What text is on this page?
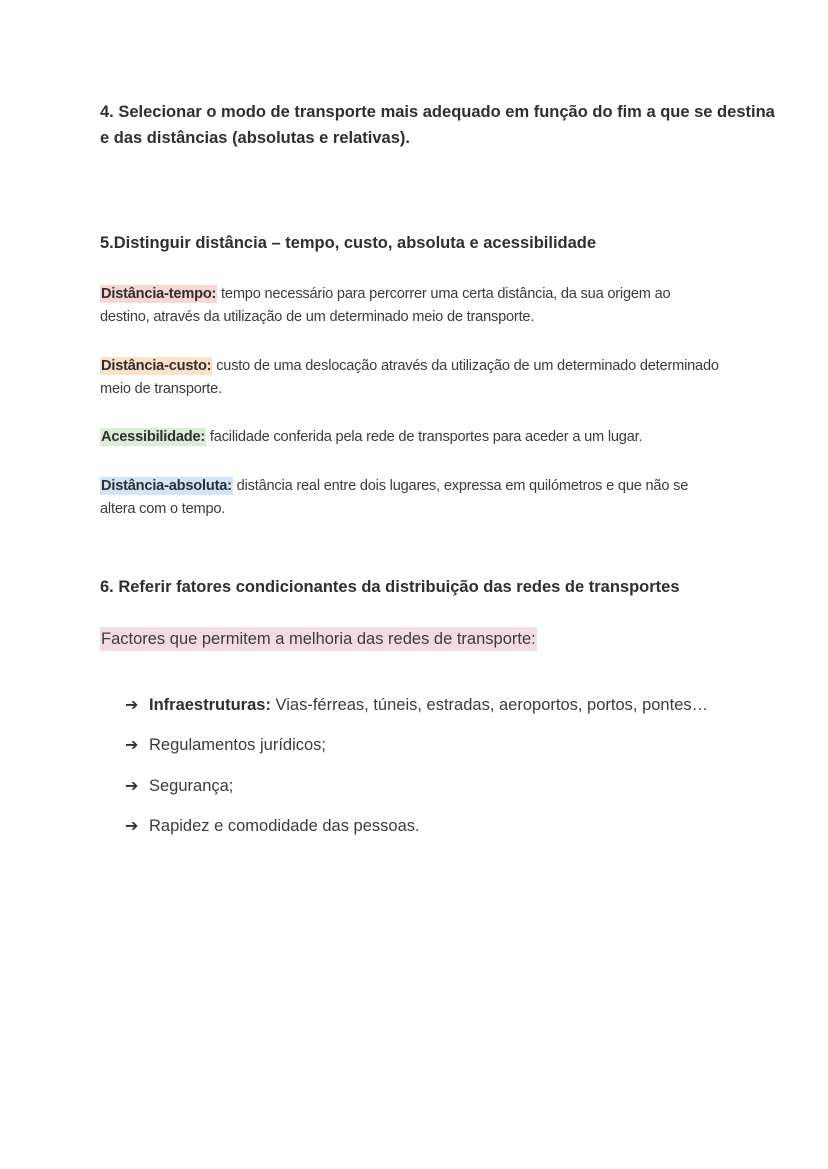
4. Selecionar o modo de transporte mais adequado em função do fim a que se destina
e das distâncias (absolutas e relativas).

5.Distinguir distância – tempo, custo, absoluta e acessibilidade

Distância-tempo: tempo necessário para percorrer uma certa distância, da sua origem ao
destino, através da utilização de um determinado meio de transporte.

Distância-custo: custo de uma deslocação através da utilização de um determinado determinado
meio de transporte.

Acessibilidade: facilidade conferida pela rede de transportes para aceder a um lugar.

Distância-absoluta: distância real entre dois lugares, expressa em quilómetros e que não se
altera com o tempo.

6. Referir fatores condicionantes da distribuição das redes de transportes

Factores que permitem a melhoria das redes de transporte:
➔ Infraestruturas: Vias-férreas, túneis, estradas, aeroportos, portos, pontes…
➔ Regulamentos jurídicos;
➔ Segurança;
➔ Rapidez e comodidade das pessoas.
